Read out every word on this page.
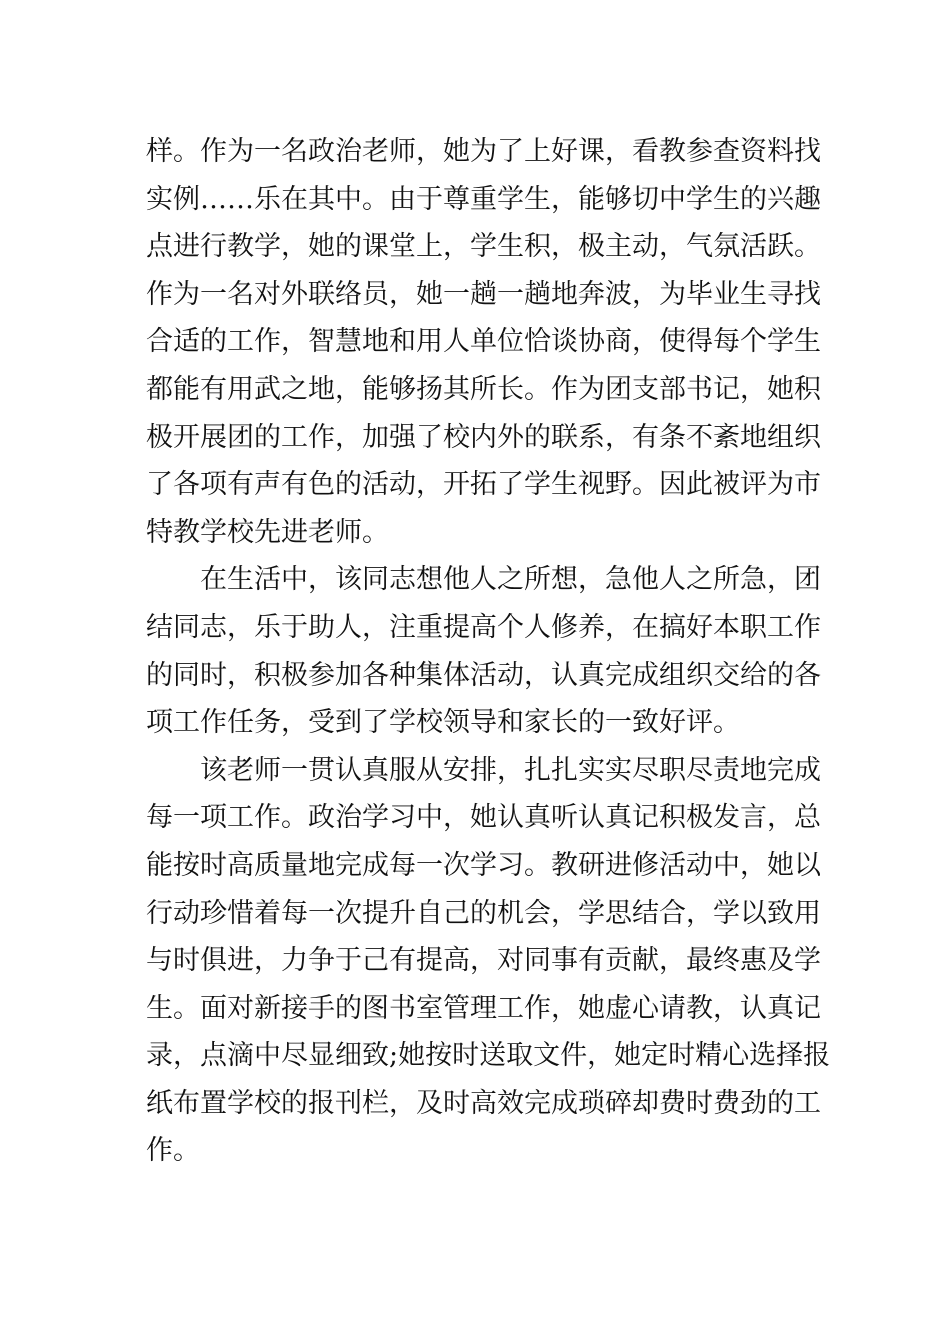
样。作为一名政治老师，她为了上好课，看教参查资料找
实例……乐在其中。由于尊重学生，能够切中学生的兴趣
点进行教学，她的课堂上，学生积，极主动，气氛活跃。
作为一名对外联络员，她一趟一趟地奔波，为毕业生寻找
合适的工作，智慧地和用人单位恰谈协商，使得每个学生
都能有用武之地，能够扬其所长。作为团支部书记，她积
极开展团的工作，加强了校内外的联系，有条不紊地组织
了各项有声有色的活动，开拓了学生视野。因此被评为市
特教学校先进老师。
在生活中，该同志想他人之所想，急他人之所急，团
结同志，乐于助人，注重提高个人修养，在搞好本职工作
的同时，积极参加各种集体活动，认真完成组织交给的各
项工作任务，受到了学校领导和家长的一致好评。
该老师一贯认真服从安排，扎扎实实尽职尽责地完成
每一项工作。政治学习中，她认真听认真记积极发言，总
能按时高质量地完成每一次学习。教研进修活动中，她以
行动珍惜着每一次提升自己的机会，学思结合，学以致用
与时俱进，力争于己有提高，对同事有贡献，最终惠及学
生。面对新接手的图书室管理工作，她虚心请教，认真记
录，点滴中尽显细致;她按时送取文件，她定时精心选择报
纸布置学校的报刊栏，及时高效完成琐碎却费时费劲的工
作。
